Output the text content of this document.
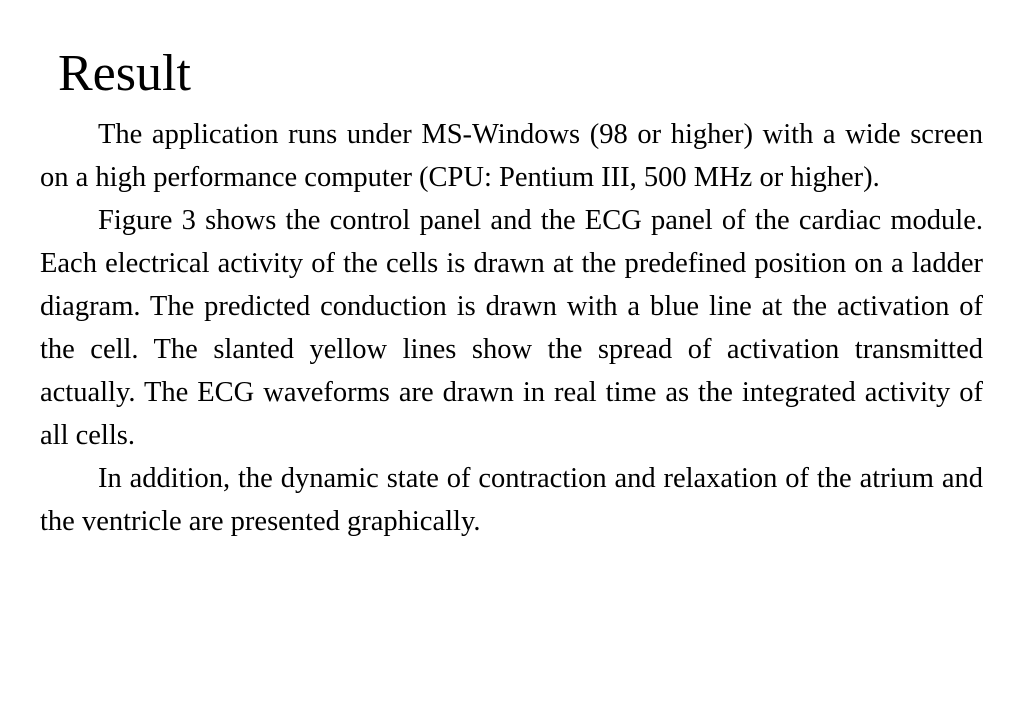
Result

The application runs under MS-Windows (98 or higher) with a wide screen on a high performance computer (CPU: Pentium III, 500 MHz or higher).

Figure 3 shows the control panel and the ECG panel of the cardiac module. Each electrical activity of the cells is drawn at the predefined position on a ladder diagram. The predicted conduction is drawn with a blue line at the activation of the cell. The slanted yellow lines show the spread of activation transmitted actually. The ECG waveforms are drawn in real time as the integrated activity of all cells.

In addition, the dynamic state of contraction and relaxation of the atrium and the ventricle are presented graphically.
